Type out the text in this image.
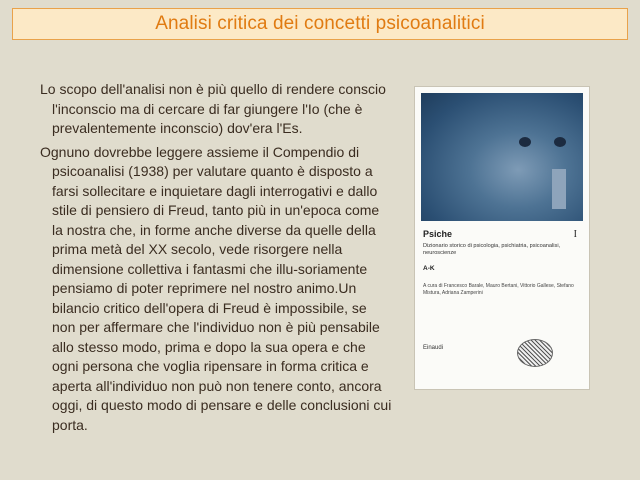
Analisi critica dei concetti psicoanalitici

Lo scopo dell'analisi non è più quello di rendere conscio l'inconscio ma di cercare di far giungere l'Io (che è prevalentemente inconscio) dov'era l'Es.

Ognuno dovrebbe leggere assieme il Compendio di psicoanalisi (1938) per valutare quanto è disposto a farsi sollecitare e inquietare dagli interrogativi e dallo stile di pensiero di Freud, tanto più in un'epoca come la nostra che, in forme anche diverse da quelle della prima metà del XX secolo, vede risorgere nella dimensione collettiva i fantasmi che illu-soriamente pensiamo di poter reprimere nel nostro animo.Un bilancio critico dell'opera di Freud è impossibile, se non per affermare che l'individuo non è più pensabile allo stesso modo, prima e dopo la sua opera e che ogni persona che voglia ripensare in forma critica e aperta all'individuo non può non tenere conto, ancora oggi, di questo modo di pensare e delle conclusioni cui porta.

Psiche	I
Dizionario storico di psicologia, psichiatria, psicoanalisi, neuroscienze
A-K
A cura di Francesco Barale, Mauro Bertani, Vittorio Gallese, Stefano Mistura, Adriana Zamperini
Einaudi
